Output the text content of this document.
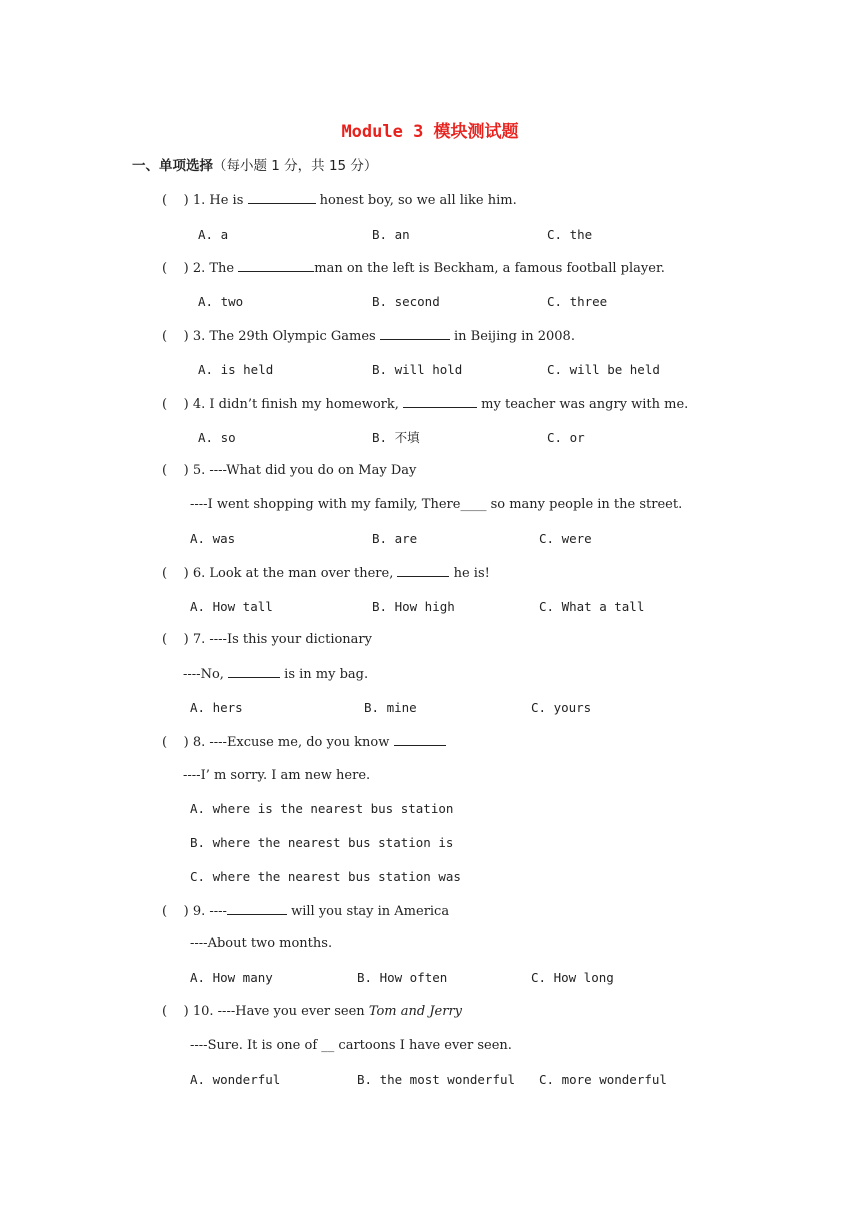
Module 3 模块测试题
一、单项选择（每小题 1 分，共 15 分）
(    ) 1. He is	honest boy, so we all like him.
A. a	B. an	C. the
(    ) 2. The	man on the left is Beckham, a famous football player.
A. two	B. second	C. three
(    ) 3. The 29th Olympic Games	in Beijing in 2008.
A. is held	B. will hold	C. will be held
(    ) 4. I didn’t finish my homework,	my teacher was angry with me.
A. so	B. 不填	C. or
(    ) 5. ----What did you do on May Day
----I went shopping with my family, There____ so many people in the street.
A. was	B. are	C. were
(    ) 6. Look at the man over there,	he is!
A. How tall	B. How high	C. What a tall
(    ) 7. ----Is this your dictionary
----No,	is in my bag.
A. hers	B. mine	C. yours
(    ) 8. ----Excuse me, do you know
----I’ m sorry. I am new here.
A. where is the nearest bus station
B. where the nearest bus station is
C. where the nearest bus station was
(    ) 9. ----	will you stay in America
----About two months.
A. How many	B. How often	C. How long
(    ) 10. ----Have you ever seen Tom and Jerry
----Sure. It is one of __ cartoons I have ever seen.
A. wonderful	B. the most wonderful C. more wonderful
